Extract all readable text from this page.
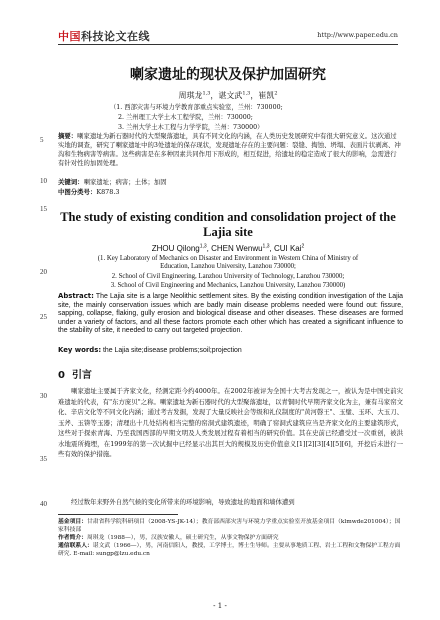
中国科技论文在线	http://www.paper.edu.cn
5
10
15
20
25
30
35
40
喇家遗址的现状及保护加固研究
周琪龙$^{1,3}$，谌文武$^{1,3}$，崔凯$^2$
（1. 西部灾害与环境力学教育部重点实验室，兰州：730000;
2. 兰州理工大学土木工程学院，兰州：730000;
3. 兰州大学土木工程与力学学院，兰州：730000）
摘要：喇家遗址为新石器时代的大型聚落遗址，具有不同文化的内涵，在人类历史发展研究中有很大研究意义。这次通过实地的调查，研究了喇家遗址中的3处遗址的保存现状，发现遗址存在的主要问题：裂缝、掏蚀、坍塌、表面片状剥离、冲沟和生物病害等病害。这些病害是在多种因素共同作用下形成的，相互促进，给遗址的稳定造成了很大的影响，急需进行有针对性的加固处理。
关键词：喇家遗址；病害；土体；加固
中图分类号：K878.3
The study of existing condition and consolidation project of the Lajia site
ZHOU Qilong$^{1,3}$, CHEN Wenwu$^{1,3}$, CUI Kai$^2$
(1. Key Laboratory of Mechanics on Disaster and Environment in Western China of Ministry of
Education, Lanzhou University, Lanzhou 730000;
2. School of Civil Engineering, Lanzhou University of Technology, Lanzhou 730000;
3. School of Civil Engineering and Mechanics, Lanzhou University, Lanzhou 730000)
Abstract: The Lajia site is a large Neolithic settlement sites. By the existing condition investigation of the Lajia site, the mainly conservation issues which are badly main disease problems needed were found out: fissure, sapping, collapse, flaking, gully erosion and biological disease and other diseases. These diseases are formed under a variety of factors, and all these factors promote each other which has created a significant influence to the stability of site, it needed to carry out targeted projection.
Key words: the Lajia site;disease problems;soil;projection
0 引言
喇家遗址主要属于齐家文化，经测定距今约4000年。在2002年被评为全国十大考古发现之一，被认为是中国史前灾难遗址的代表，有"东方庞贝"之称。喇家遗址为新石器时代的大型聚落遗址，以青铜时代早期齐家文化为主，兼有马家窑文化、辛店文化等不同文化内涵；通过考古发掘，发现了大量反映社会等级和礼仪制度的"黄河磬王"、玉璧、玉环、大玉刀、玉斧、玉锛等玉器；清理出十几处结构相当完整的窑洞式建筑遗迹，明确了窑洞式建筑应当是齐家文化的主要建筑形式，这些对于探索青海、乃至我国西部的早期文明及人类发展过程有着相当的研究价值。其在史前已经遭受过一次重创，被洪水地震所掩埋，在1999年的第一次试掘中已经显示出其巨大的规模及历史价值意义[1][2][3][4][5][6]，开挖后未进行一些有效的保护措施。
经过数年来野外自然气候的变化所带来的环境影响，导致遗址的地面和墙体遭到
基金项目：甘肃省科学院科研项目（2008-YS-JK-14）；教育部西部灾害与环境力学重点实验室开放基金项目（klmwde201004）；国家科技部
作者简介：周琪龙（1988—），男，汉族安徽人，硕士研究生，从事文物保护方面研究
通信联系人：谌文武（1966—），男，河南信阳人，教授，工学博士，博士生导师。主要从事地质工程、岩土工程和文物保护工程方面研究. E-mail: sungp@lzu.edu.cn
- 1 -
